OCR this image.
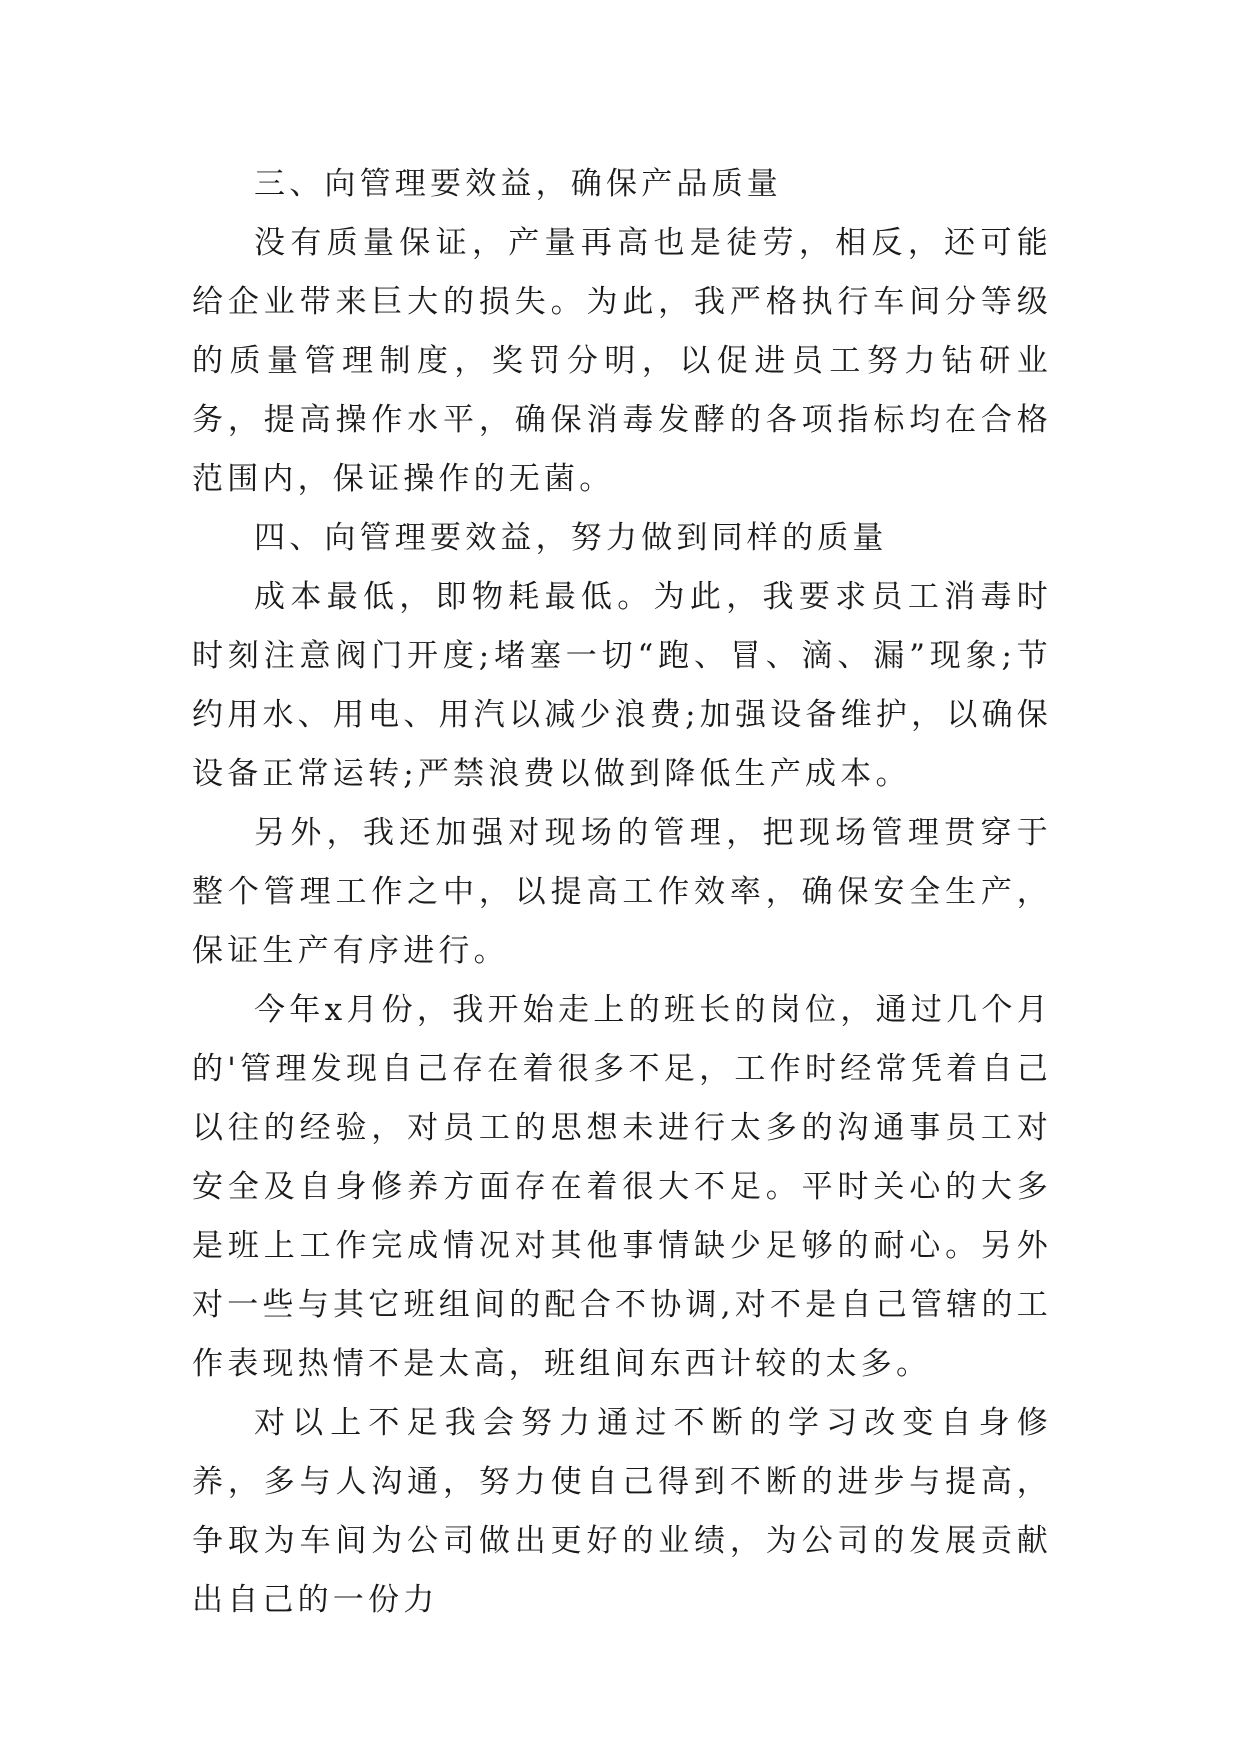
三、向管理要效益，确保产品质量

没有质量保证，产量再高也是徒劳，相反，还可能给企业带来巨大的损失。为此，我严格执行车间分等级的质量管理制度，奖罚分明，以促进员工努力钻研业务，提高操作水平，确保消毒发酵的各项指标均在合格范围内，保证操作的无菌。

四、向管理要效益，努力做到同样的质量

成本最低，即物耗最低。为此，我要求员工消毒时时刻注意阀门开度;堵塞一切“跑、冒、滴、漏”现象;节约用水、用电、用汽以减少浪费;加强设备维护，以确保设备正常运转;严禁浪费以做到降低生产成本。

另外，我还加强对现场的管理，把现场管理贯穿于整个管理工作之中，以提高工作效率，确保安全生产，保证生产有序进行。

今年x月份，我开始走上的班长的岗位，通过几个月的'管理发现自己存在着很多不足，工作时经常凭着自己以往的经验，对员工的思想未进行太多的沟通事员工对安全及自身修养方面存在着很大不足。平时关心的大多是班上工作完成情况对其他事情缺少足够的耐心。另外对一些与其它班组间的配合不协调,对不是自己管辖的工作表现热情不是太高，班组间东西计较的太多。

对以上不足我会努力通过不断的学习改变自身修养，多与人沟通，努力使自己得到不断的进步与提高，争取为车间为公司做出更好的业绩，为公司的发展贡献出自己的一份力
